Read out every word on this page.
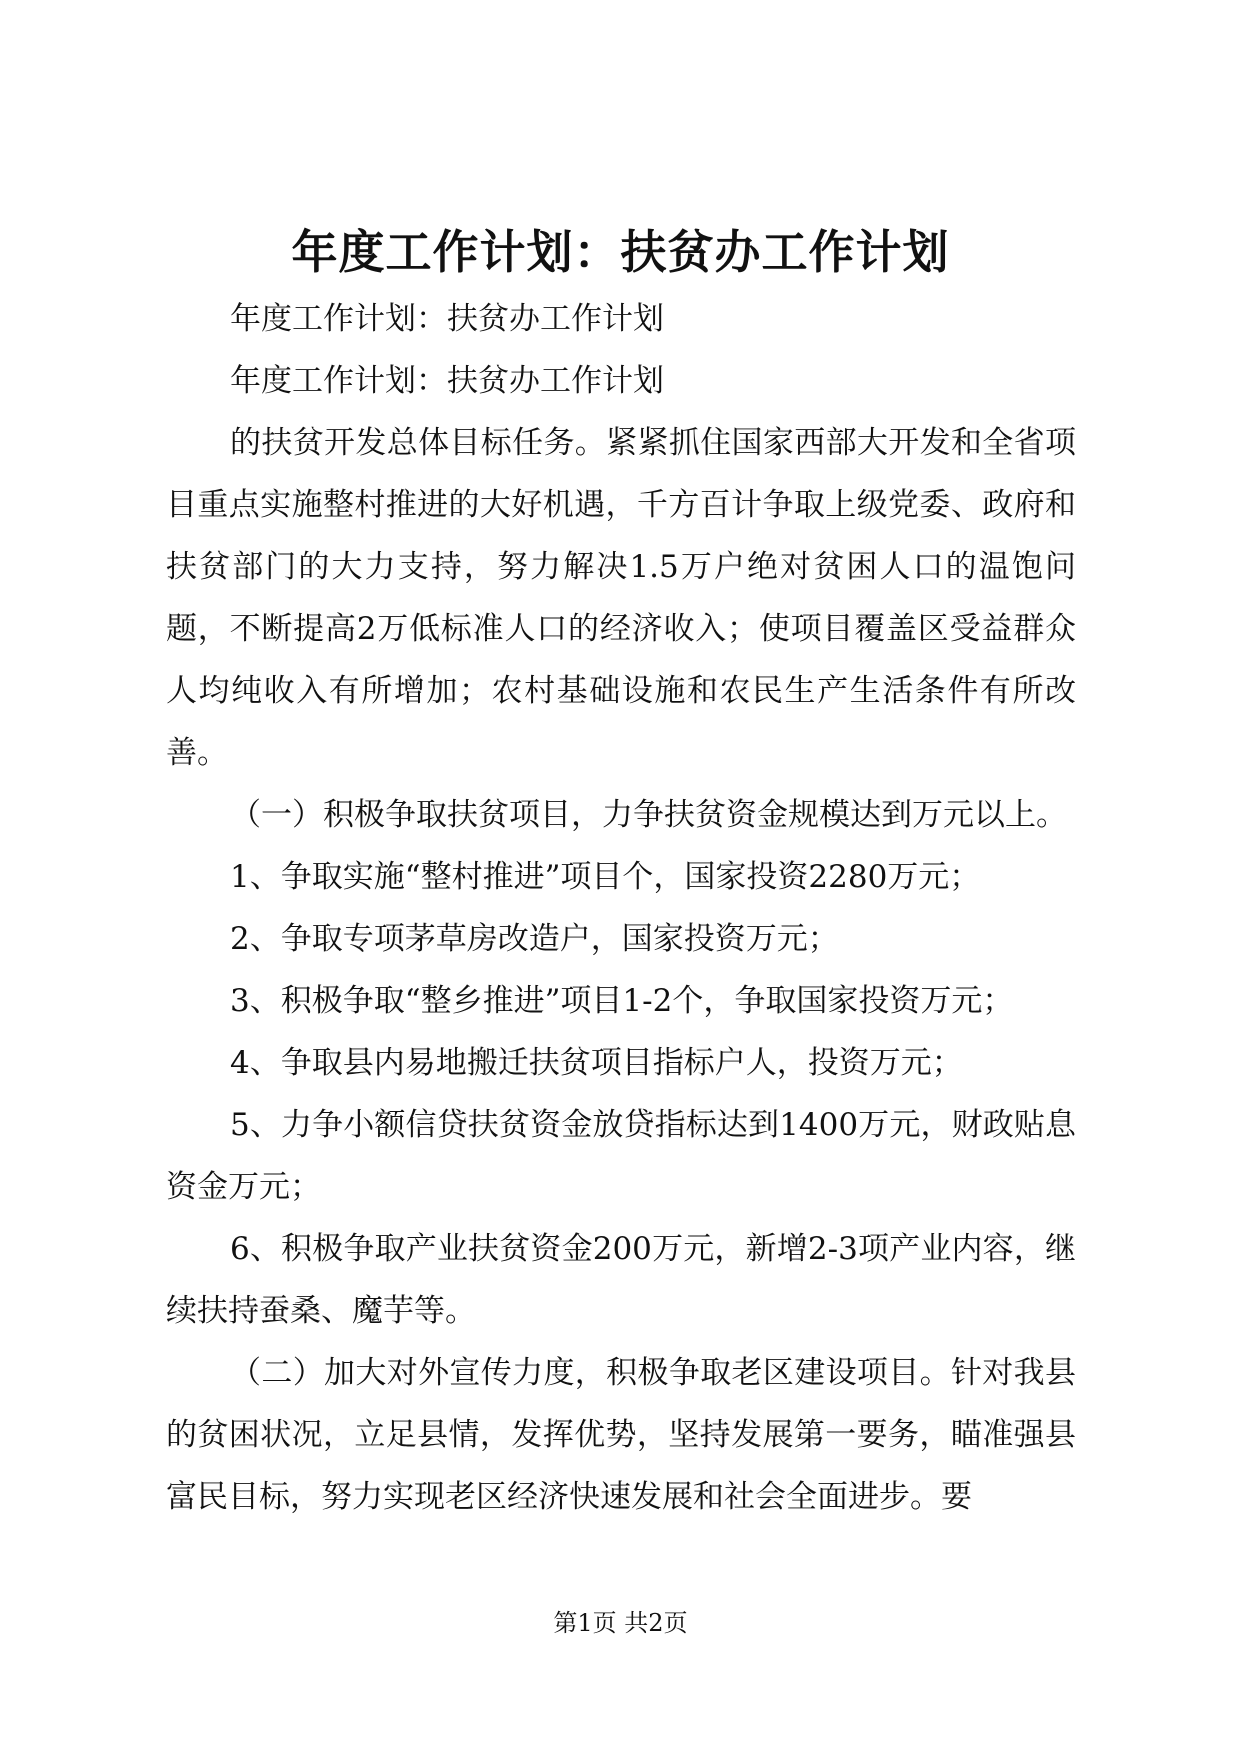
年度工作计划：扶贫办工作计划

年度工作计划：扶贫办工作计划

年度工作计划：扶贫办工作计划

的扶贫开发总体目标任务。紧紧抓住国家西部大开发和全省项目重点实施整村推进的大好机遇，千方百计争取上级党委、政府和扶贫部门的大力支持，努力解决1.5万户绝对贫困人口的温饱问题，不断提高2万低标准人口的经济收入；使项目覆盖区受益群众人均纯收入有所增加；农村基础设施和农民生产生活条件有所改善。

（一）积极争取扶贫项目，力争扶贫资金规模达到万元以上。

1、争取实施“整村推进”项目个，国家投资2280万元；

2、争取专项茅草房改造户，国家投资万元；

3、积极争取“整乡推进”项目1-2个，争取国家投资万元；

4、争取县内易地搬迁扶贫项目指标户人，投资万元；

5、力争小额信贷扶贫资金放贷指标达到1400万元，财政贴息资金万元；

6、积极争取产业扶贫资金200万元，新增2-3项产业内容，继续扶持蚕桑、魔芋等。

（二）加大对外宣传力度，积极争取老区建设项目。针对我县的贫困状况，立足县情，发挥优势，坚持发展第一要务，瞄准强县富民目标，努力实现老区经济快速发展和社会全面进步。要

第1页 共2页
